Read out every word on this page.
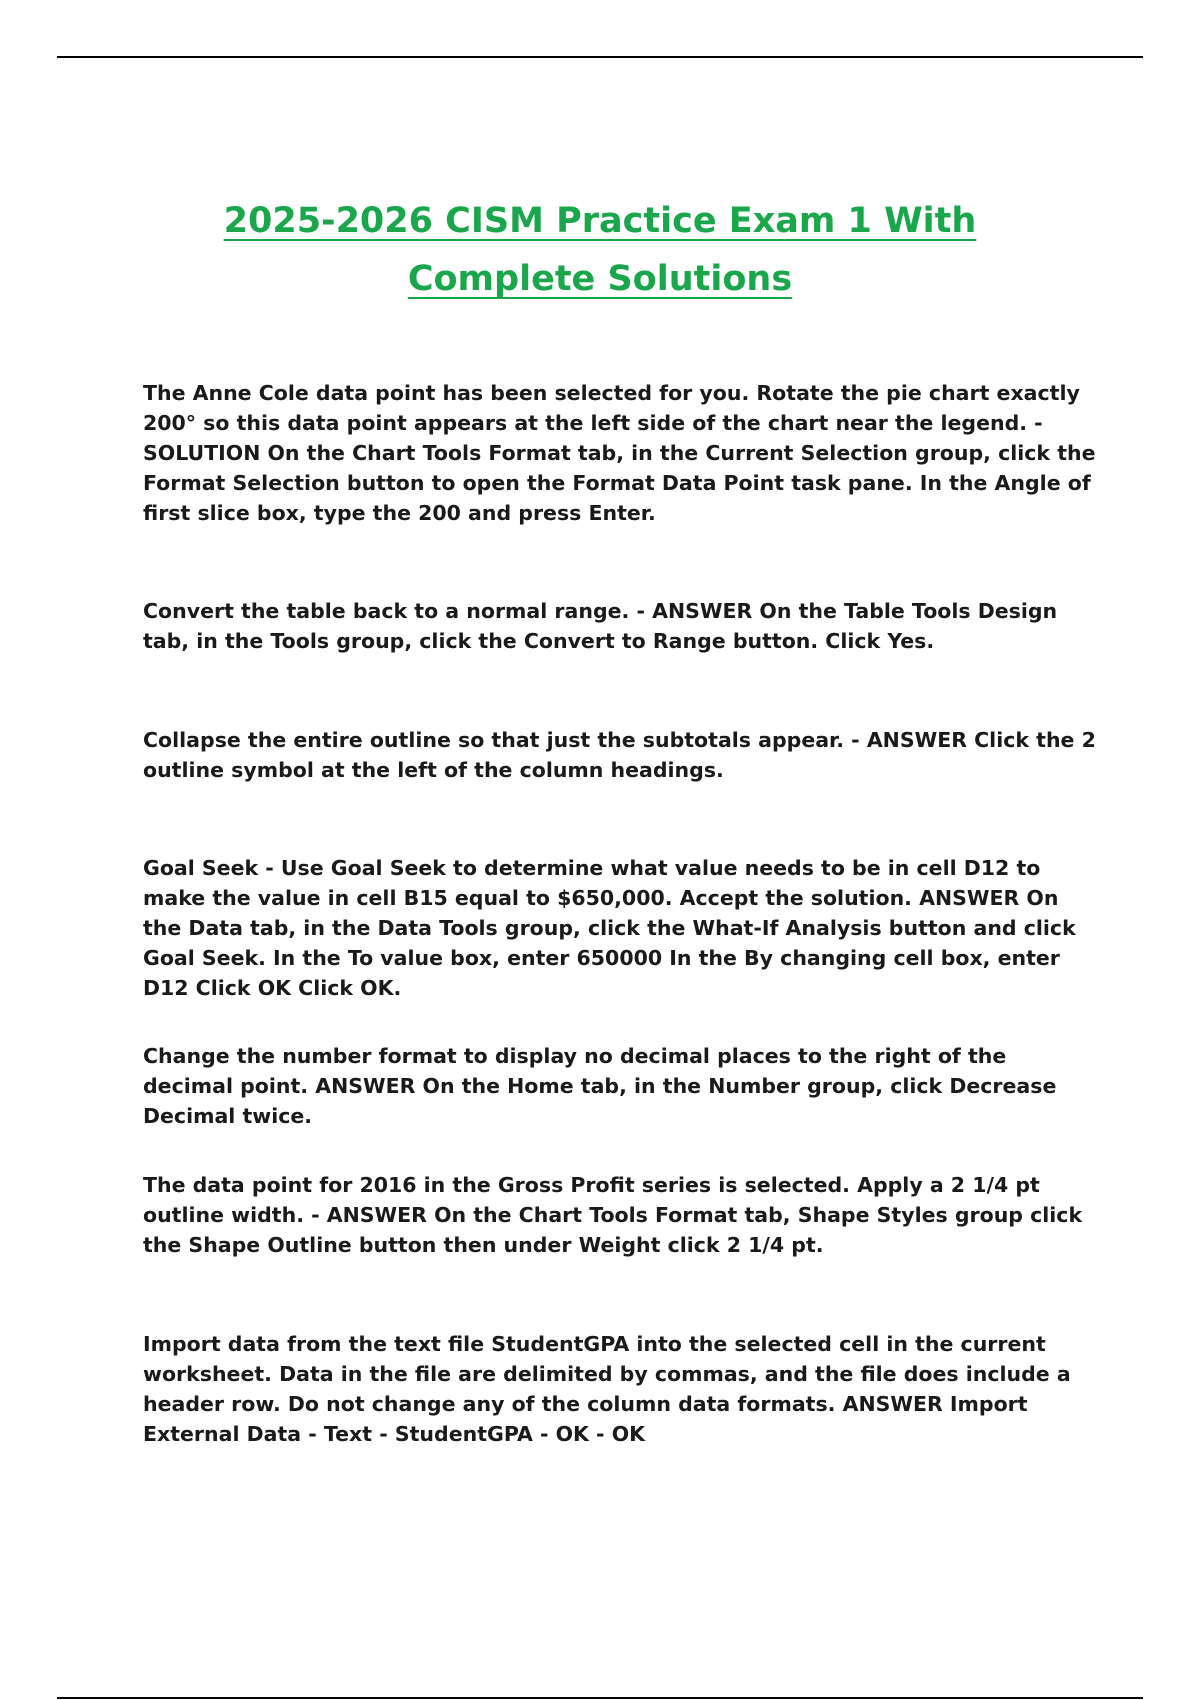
2025-2026 CISM Practice Exam 1 With
Complete Solutions

The Anne Cole data point has been selected for you. Rotate the pie chart exactly 200° so this data point appears at the left side of the chart near the legend. - SOLUTION On the Chart Tools Format tab, in the Current Selection group, click the Format Selection button to open the Format Data Point task pane. In the Angle of first slice box, type the 200 and press Enter.

Convert the table back to a normal range. - ANSWER On the Table Tools Design tab, in the Tools group, click the Convert to Range button. Click Yes.

Collapse the entire outline so that just the subtotals appear. - ANSWER Click the 2 outline symbol at the left of the column headings.

Goal Seek - Use Goal Seek to determine what value needs to be in cell D12 to make the value in cell B15 equal to $650,000. Accept the solution. ANSWER On the Data tab, in the Data Tools group, click the What-If Analysis button and click Goal Seek. In the To value box, enter 650000 In the By changing cell box, enter D12 Click OK Click OK.

Change the number format to display no decimal places to the right of the decimal point. ANSWER On the Home tab, in the Number group, click Decrease Decimal twice.

The data point for 2016 in the Gross Profit series is selected. Apply a 2 1/4 pt outline width. - ANSWER On the Chart Tools Format tab, Shape Styles group click the Shape Outline button then under Weight click 2 1/4 pt.

Import data from the text file StudentGPA into the selected cell in the current worksheet. Data in the file are delimited by commas, and the file does include a header row. Do not change any of the column data formats. ANSWER Import External Data - Text - StudentGPA - OK - OK
